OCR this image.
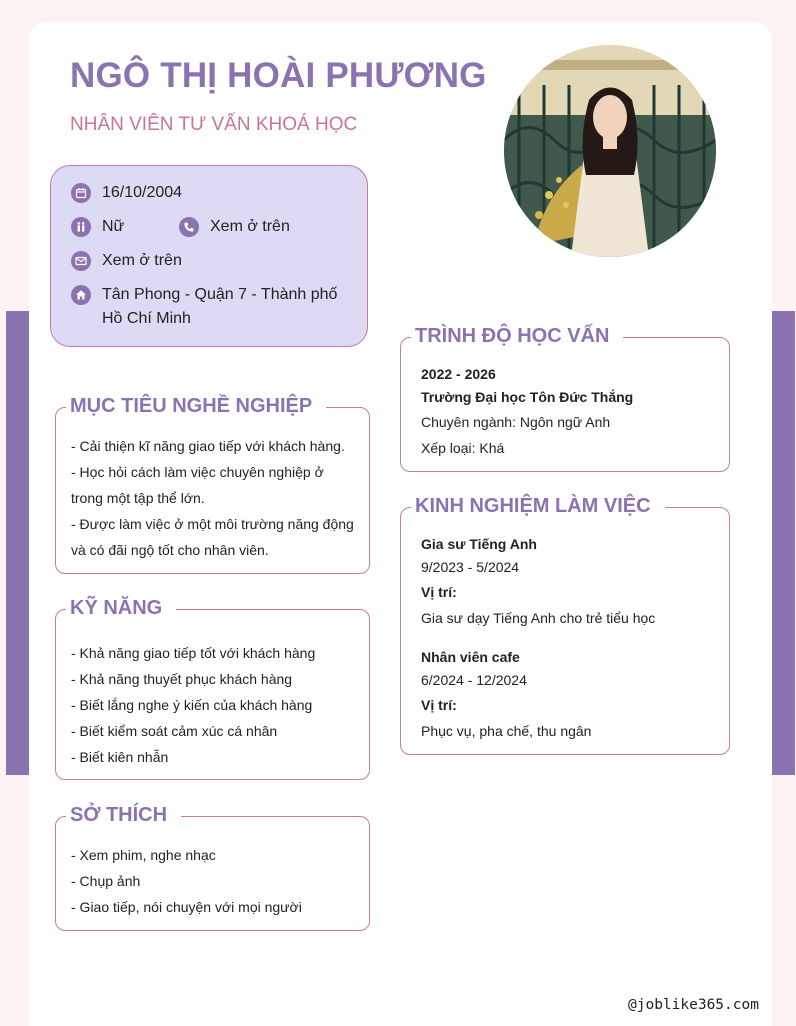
NGÔ THỊ HOÀI PHƯƠNG
NHÂN VIÊN TƯ VẤN KHOÁ HỌC
16/10/2004
Nữ	Xem ở trên
Xem ở trên
Tân Phong - Quận 7 - Thành phố
Hồ Chí Minh
MỤC TIÊU NGHỀ NGHIỆP
- Cải thiện kĩ năng giao tiếp với khách hàng.
- Học hỏi cách làm việc chuyên nghiệp ở
trong một tập thể lớn.
- Được làm việc ở một môi trường năng động
và có đãi ngộ tốt cho nhân viên.
KỸ NĂNG
- Khả năng giao tiếp tốt với khách hàng
- Khả năng thuyết phục khách hàng
- Biết lắng nghe ý kiến của khách hàng
- Biết kiểm soát cảm xúc cá nhân
- Biết kiên nhẫn
SỞ THÍCH
- Xem phim, nghe nhạc
- Chụp ảnh
- Giao tiếp, nói chuyện với mọi người
TRÌNH ĐỘ HỌC VẤN
2022 - 2026
Trường Đại học Tôn Đức Thắng
Chuyên ngành: Ngôn ngữ Anh
Xếp loại: Khá
KINH NGHIỆM LÀM VIỆC
Gia sư Tiếng Anh
9/2023 - 5/2024
Vị trí:
Gia sư dạy Tiếng Anh cho trẻ tiểu học
Nhân viên cafe
6/2024 - 12/2024
Vị trí:
Phục vụ, pha chế, thu ngân
@joblike365.com
